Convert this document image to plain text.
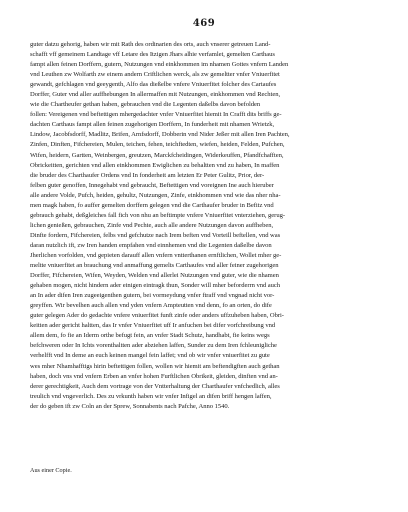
469
guter datzu gehorig, haben wir mit Rath des ordinarien des orts, auch vnserer getreuen Land-
schafft vff gemeinem Landtage vff Letare des Itzigen Jhars alhie verfamlet, gemelten Carthaus
fampt allen feinen Dorffern, gutern, Nutzungen vnd einkhommen im nhamen Gottes vnfern Landen
vnd Leuthen zw Wolfarth zw einem andern Criftlichen werck, als zw gemeltter vnfer Vniuerfitet
gewandt, gefchlagen vnd geeygenth, Alfo das dießelbe vnfere Vniuerfitet folcher des Cartaufes
Dorffer, Guter vnd aller auffhebungen In allermaffen mit Nutzungen, einkhommen vnd Rechten,
wie die Chartheufer gethan haben, gebrauchen vnd die Legenten daßelbs davon befolden
follen: Vereigenen vnd beftettigen mhergedachter vnfer Vniuerfitet hiemit In Crafft dits briffs ge-
dachten Carthaus fampt allen feinen zugehorigen Dorffern, In funderheit mit nhamen Wrietzk,
Lindow, Jacobfsdorff, Madlitz, Brifen, Arnfsdorff, Dobberin vnd Nider Jeßer mit allen Iren Pachten,
Zinfen, Dinften, Fifchereien, Mulen, teichen, fehen, teichftedten, wiefen, heiden, Felden, Pufchen,
Wifen, heidern, Gartten, Weinbergen, greutzen, Marckfcheidingen, Widerkeuffen, Pfandfchafften,
Obrickeitten, gerichten vnd allen einkhommen Ewiglichen zu behaltten vnd zu haben, In maffen
die bruder des Charthaufer Ordens vnd In fonderheit am letzten Er Peter Gulitz, Prior, der-
felben guter genoffen, Innegehabt vnd gebraucht, Beftettigen vnd voreignen Ine auch hieruber
alle andere Volde, Pufch, heiden, gehultz, Nutzungen, Zinfe, einkhommen vnd wie das nher nha-
men magk haben, fo auffer gemelten dorffern gelegen vnd die Carthaufer bruder in Befitz vnd
gebrauch gehabt, deßgleiches fall fich von nhu an beftimpte vnfere Vniuerfitet vnterziehen, gerug-
lichen genießen, gebrauchen, Zinfe vnd Pechte, auch alle andere Nutzungen davon auffheben,
Dinfte fordern, Fifchereien, felbs vnd gefchutze nach Irem beften vnd Vorteill beftellen, vnd was
daran nutzlich ift, zw Iren handen empfahen vnd einnhemen vnd die Legenten daßelbe davon
Jherlichen vorfolden, vnd gepieten darauff allen vnfern vntterthanen ernftlichen, Wollet mher ge-
meltte vniuerfitet an brauchung vnd anmaffung gemelts Carthaufes vnd aller feiner zugehorigen
Dorffer, Fifchereien, Wifen, Weyden, Welden vnd allerlei Nutzungen vnd guter, wie die nhamen
gehaben mogen, nicht hindern ader einigen eintragk thun, Sonder will mher beforderrn vnd auch
an In ader difen Iren zugeeigenthen gutern, bei vormeydung vnfer ftraff vnd vngnad nicht vor-
greyffen. Wir bevelhen auch allen vnd yden vnfern Ampteutten vnd denn, fo an orten, do dife
guter gelegen Ader do gedachte vnfere vniuerfitet funft zinfe oder anders uffzuheben haben, Obri-
keitten ader gericht haltten, das Ir vnfer Vniuerfitet uff Ir anfuchen bei difer vorfchreibung vnd
allem dem, fo fie an Iderm orthe befugt fein, an vnfer Stadt Schutz, handhabt, fie keins wegs
befchweren oder In Ichts vorenthaltten ader abziehen laffen, Sunder zu dem Iren fchleunigliche
verhelfft vnd In deme an euch keinen mangel fein laffet; vnd ob wir vnfer vniuerfitet zu gute
wes mher Nhamhafftigs hirin beftettigen follen, wollen wir hiemit am beftendigften auch gethan
haben, doch vns vnd vnfern Erben an vnfer hohen Furftlichen Obrikeit, gleiden, dinften vnd an-
derer gerechtigkeit, Auch dem vortrage von der Vntterhaltung der Charthaufer vnfchedlich, alles
treulich vnd vngeverlich. Des zu vrkunth haben wir vnfer Infigel an difen briff hengen laffen,
der do geben ift zw Coln an der Sprew, Sonnabents nach Pafche, Anno 1540.
Aus einer Copie.
